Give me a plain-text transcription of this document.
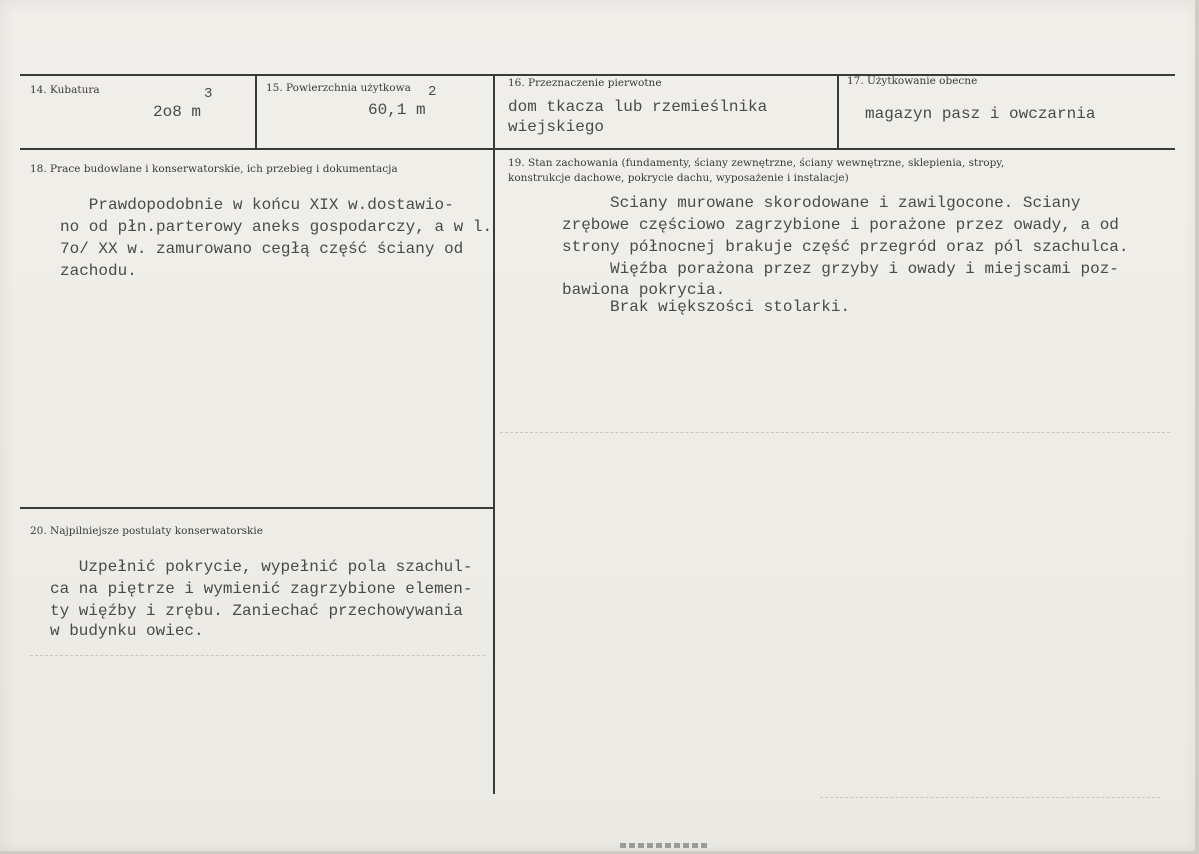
14. Kubatura
2o8 m
3	15. Powierzchnia użytkowa
60,1 m
2
16. Przeznaczenie pierwotne
dom tkacza lub rzemieślnika
wiejskiego
17. Użytkowanie obecne
magazyn pasz i owczarnia
18. Prace budowlane i konserwatorskie, ich przebieg i dokumentacja
Prawdopodobnie w końcu XIX w.dostawio-
no od płn.parterowy aneks gospodarczy, a w l.
7o/ XX w. zamurowano cegłą część ściany od
zachodu.
19. Stan zachowania (fundamenty, ściany zewnętrzne, ściany wewnętrzne, sklepienia, stropy,
konstrukcje dachowe, pokrycie dachu, wyposażenie i instalacje)
Sciany murowane skorodowane i zawilgocone. Sciany
zrębowe częściowo zagrzybione i porażone przez owady, a od
strony północnej brakuje część przegród oraz pól szachulca.
Więźba porażona przez grzyby i owady i miejscami poz-
bawiona pokrycia.
Brak większości stolarki.
20. Najpilniejsze postulaty konserwatorskie
Uzpełnić pokrycie, wypełnić pola szachul-
ca na piętrze i wymienić zagrzybione elemen-
ty więźby i zrębu. Zaniechać przechowywania
w budynku owiec.
